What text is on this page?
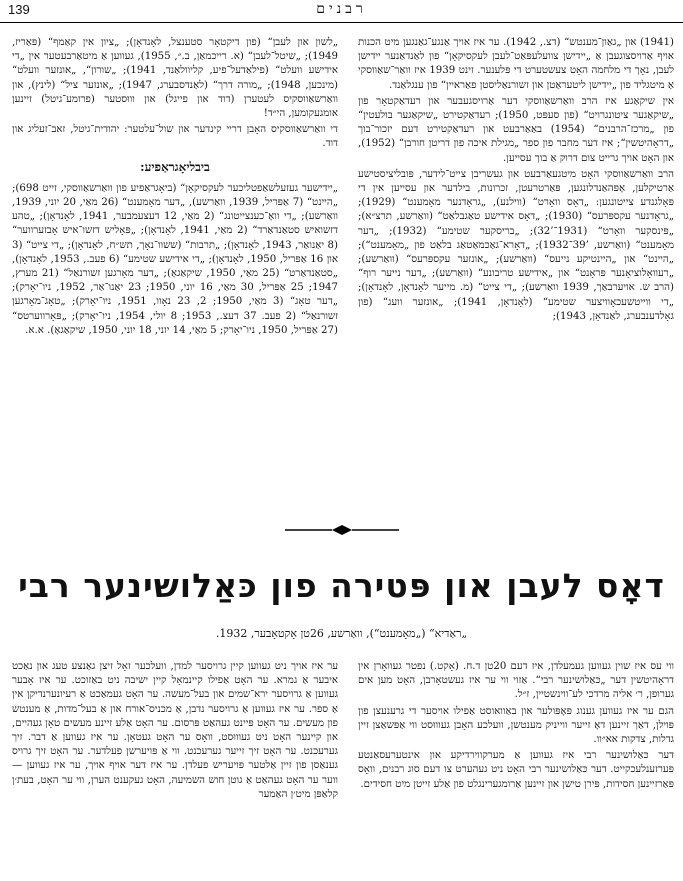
139	רבנים

(1941) און „גאַון־מענטש“ (דצ., 1942). ער איז אויך אַנגע־גאַנגען מיט הכנות אויף אַרויסצוגעבן אַ „יידישן צוועלעפּאַט־לעבן לעקסיקאָן“ פון לאַנדאַנער יידישן לעבן, נאָך די מלחמה האָט צעשטערט די פּלענער. זינט 1939 איז וואַר־שאַווסקי אַ מיטגליד פון „יידישן ליטעראַטן און זשורנאַליסטן פאַראיין“ פון ענגלאַנד.

אין שיקאַגע איז הרב וואַרשאַווסקי דער אַרויסגעבער און רעדאַקטאָר פון „שיקאַגער ציטונגרויט“ (פון סעפּט, 1950); רעדאַקטירט „שיקאַגער בולעטין“ פון „מרכז־הרבנים“ (1954) באַאַרבעט און רעדאַקטירט דעם יזכור־בוך „דראָהיטשין“; איז דער מחבר פון ספר „מגילת איכה פון דריטן חורבן“ (1952), און האָט אויך גרייט צום דרוק אַ בוך עסייען.

הרב וואַרשאַווסקי האָט מיטגעאַרבעט און געשריבן צייט־לידער, פּובליציסטישע אַרטיקלען, אָפּהאַנדלונגען, פּאַרטרעטן, זכרונות, בילדער און עסייען אין די פּאָלגנדע צייטונגען: „דאָס וואָרט“ (ווילנע), „גראָדנער מאָמענט“ (1929); „גראָדנער עקספּרעס“ (1930); „דאָס אידישע טאַגבלאַט“ (וואַרשע, תרצ״א); „פּינסקער וואָרט“ (1931־’32); „בריסקער שטימע“ (1932); „דער מאָמענט“ (וואַרשע, ’39־1932); „דאָרא־ג‍אַכמאַטאַג בלאַט פון „מאָמענט“); „היינט“ און „היינטיקע נייעס“ (וואַרשע); „אונזער עקספּרעס“ (וואַרשע); „רעוואָלוציאָנער פּראָנט“ און „אידישע טריבונע“ (וואַרשע); „דער נייער רוף“ (הרב ש. אויערבאַך, 1939 וואַרשע); „די צייט“ (מ. מייער לאָנדאָן, לאָנדאָן); „די ווייטשעכאָוויצער שטימע“ (לאָנדאָן, 1941); „אונזער וועג“ (פון גאָלדענבערג, לאַנדאָן, 1943);

„לשון און לעבן“ (פון דיקטאָר סטענצל, לאָנדאָן); „ציון אין קאַמף“ (פּאַריז, 1949); „שיטל־לעבן“ (א. רייכמאַן, ב.״, 1955), געווען אַ מיטאַרבעטער אין „די אידישע וועלט“ (פילאַדעל־פיע, קליוולאַנד, 1941); „שורון“, „אונזער וועלט“ (מינכען, 1948); „מורה דרך“ (לאַנדסבערג, 1947); „אונזער ציל“ (לינץ), און וואַרשאַווסקיס לעטערן (דוד און פייגל) און וווּסטער (פרומע־גיטל) זיינען אומגעקומען, הי״ד!

די וואַרשאַווסקיס האָבן דריי קינדער און שול־עלטער: יהודית־גיטל, זאב־זעליג און דוד.

ביבליאָגראַפיע:

„יידישער געזעלשאַפטליכער לעקסיקאָן“ (ביאָגראַפיע פון וואַרשאַווסקי, זייט 698); „היינט“ (7 אַפּריל, 1939, וואַרשע), „דער מאָמענט“ (26 מאַי, 20 יוני, 1939, וואַרשע); „די וואָ־כענצייטונג“ (2 מאַי, 12 דעצעמבער, 1941, לאָנדאָן); „טהע דזשואיש סטאַנדאַרד“ (2 מאַי, 1941, לאָנדאָן); „פּאָליש דזשו־איש אָבזערווער“ (8 יאַנואַר, 1943, לאָנדאָן); „תרבות“ (ששוו־נאָך, תש״ח, לאָנדאָן); „די צייט“ (3 און 16 אַפּריל, 1950, לאָנדאָן); „די אידישע שטימע“ (6 פעב., 1953, לאָנדאָן), „סטאַנדאַרט“ (25 מאַי, 1950, שיקאַגאָ); „דער מאָרגען זשורנאַל“ (21 מערץ, 1947; 25 אַפּריל, 30 מאַי, 16 יוני, 1950; 23 יאַנו־אַר, 1952, ניו־יאָרק); „דער טאָג“ (3 מאַי, 1950; 2, 23 נאָוו, 1951, ניו־יאָרק); „טאָג־מאָרגען זשורנאַל“ (2 פעב. 37 דעצ., 1953; 8 יולי, 1954, ניו־יאָרק); „פּאָרווערטס“ (27 אַפּריל, 1950, ניו־יאָרק; 5 מאַי, 14 יוני, 18 יוני, 1950, שיקאַגאָ). א.א.

דאָס לעבן און פּטירה פון כּאַלושינער רבי
„ראַדיא“ („מאָמענט“), וואַרשע, 26טן אָקטאָבער, 1932.

ווי עס איז שוין געווען געמעלדן, איז דעם 20טן ד.ח. (אָקט.) נפטר געוואָרן אין דראָהיטשין דער „כּאַלושינער רבי“. אַזוי ווי ער איז געשטאָרבן, האָט מען אים גערופן, ר׳ אליה מרדכי לע־ווינשטיין, ז״ל.

הגם ער איז געווען גענוג פּאָפּולער און באַוואוסט אַפילו אויסער די גרענעצן פון פּוילן, דאַך זיינען דאָ זייער ווייניק מענטשן, וועלכע האָבן געוווּסט ווי אַפּשאַצן זיין גדלות, צדקות אא״וו.

דער כּאַלושינער רבי איז געווען אַ מערקווירדיקע און אינטערעסאַנטע פּערזענלעכקייט. דער כּאַלושינער רבי האָט ניט געהערט צו דעם סוג רבנים, וואָס פּאַרזיינען חסידות, פּירן טישן און זיינען אַרומגערינגלט פון אַלע זייטן מיט חסידים.

ער איז אויך ניט געווען קיין גרויסער למדן, וועלכער זאָל זיצן גאַנצע טעג און נאַכט איבער אַ גמרא. ער האָט אַפילו קיינמאָל קיין ישיבה ניט באַזוכט. ער איז אָבער געווען אַ גרויסער ירא־שמים און בעל־מעשה. ער האָט געמאַכט אַ רעיונערנדיקן אין אַ ספר. ער איז געווען אַ גרויסער נדבן, אַ מכניס־אורח און אַ בעל־מדות, אַ מענטש פון מעשים. ער האָט פּיינט געהאַט פּרסום. ער האָט אַלע זיינע מעשים טאָן געהיים, און קיינער האָט ניט געוווּסט, וואָס ער האָט געטאָן. ער איז געווען אַ דבר. זיך גערעכנט. ער האָט זיך זייער גערעכנט. ווי אַ פּויערשן פעלדער. ער האָט זיך גרויס גענאַסן פון זיין אַלטער פּויעריש פעלדן. ער איז דער אויף אויך, ער איז געווען — ווער ער האָט געהאַט אַ גוטן חוש השמיעה, האָט געקענט הערן, ווי ער האָט, בעת׳ן קלאַפּן מיט׳ן האַמער
